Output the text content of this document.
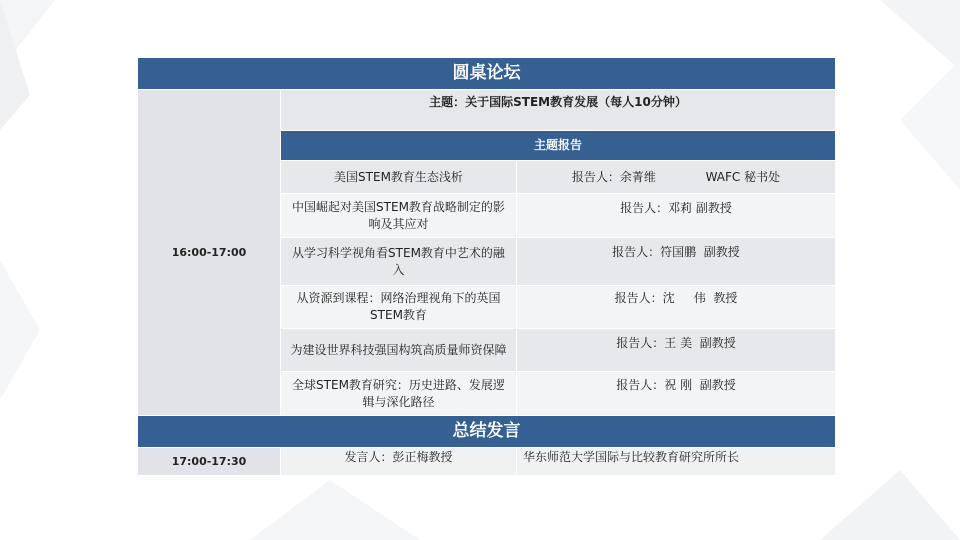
圆桌论坛		
16:00-17:00	主题：关于国际STEM教育发展（每人10分钟）	
	主题报告	
	美国STEM教育生态浅析	报告人：余菁维 WAFC 秘书处
	中国崛起对美国STEM教育战略制定的影响及其应对	报告人：邓莉 副教授
	从学习科学视角看STEM教育中艺术的融入	报告人：符国鹏  副教授
	从资源到课程：网络治理视角下的英国STEM教育	报告人：沈     伟  教授
	为建设世界科技强国构筑高质量师资保障	报告人：王 美  副教授
	全球STEM教育研究：历史进路、发展逻辑与深化路径	报告人：祝 刚  副教授
总结发言		
17:00-17:30	发言人：彭正梅教授	华东师范大学国际与比较教育研究所所长
